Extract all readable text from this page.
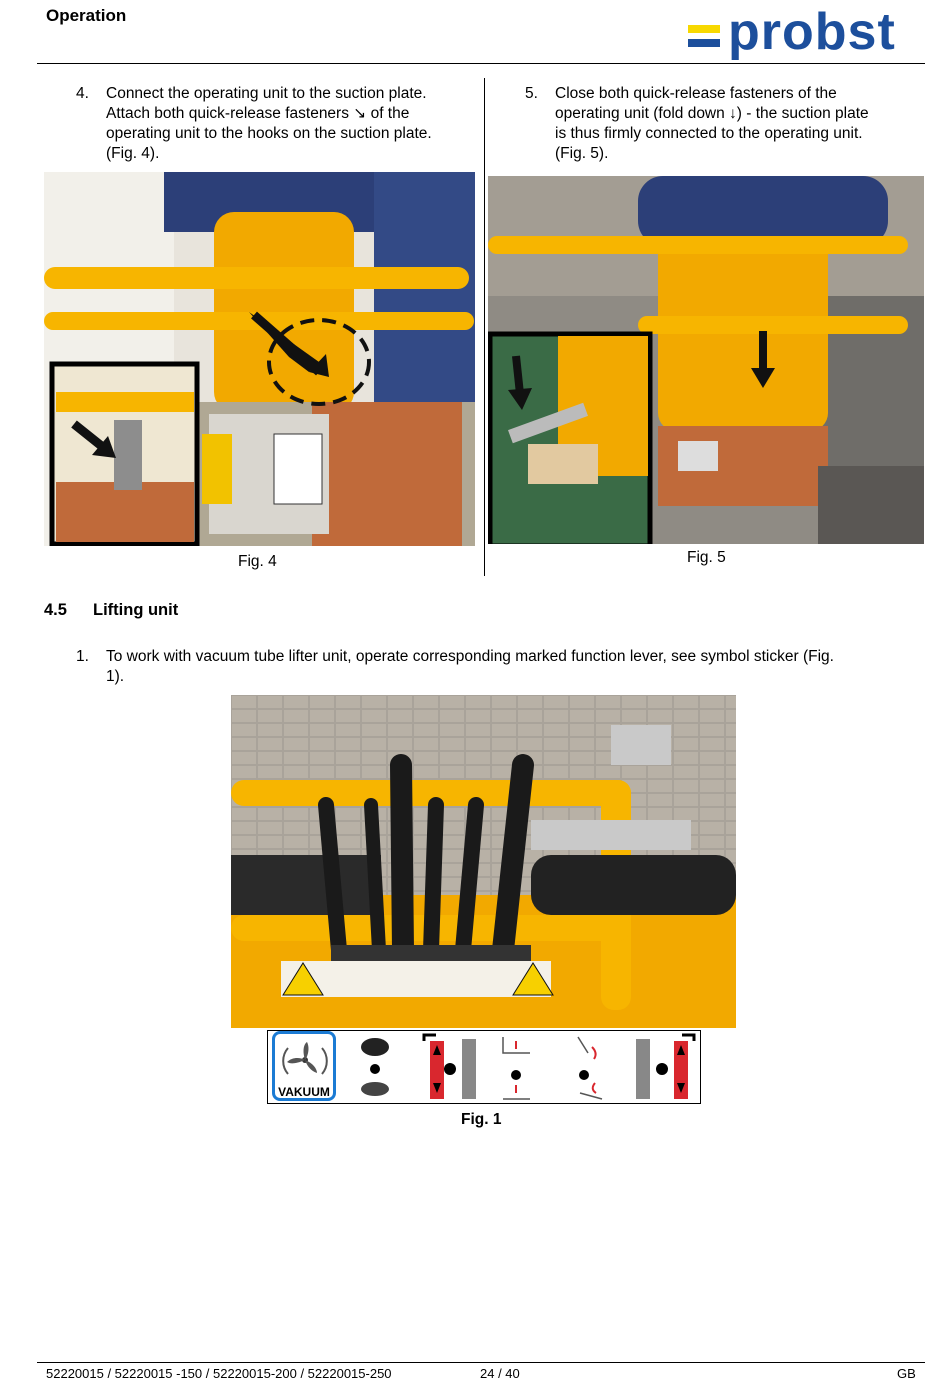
Operation	probst
4. Connect the operating unit to the suction plate.
Attach both quick-release fasteners ↘ of the
operating unit to the hooks on the suction plate.
(Fig. 4).
5. Close both quick-release fasteners of the
operating unit (fold down ↓) - the suction plate
is thus firmly connected to the operating unit.
(Fig. 5).
Fig. 4	Fig. 5
4.5 Lifting unit
1. To work with vacuum tube lifter unit, operate corresponding marked function lever, see symbol sticker (Fig.
1).
VAKUUM
Fig. 1
52220015 / 52220015 -150 / 52220015-200 / 52220015-250	24 / 40	GB
